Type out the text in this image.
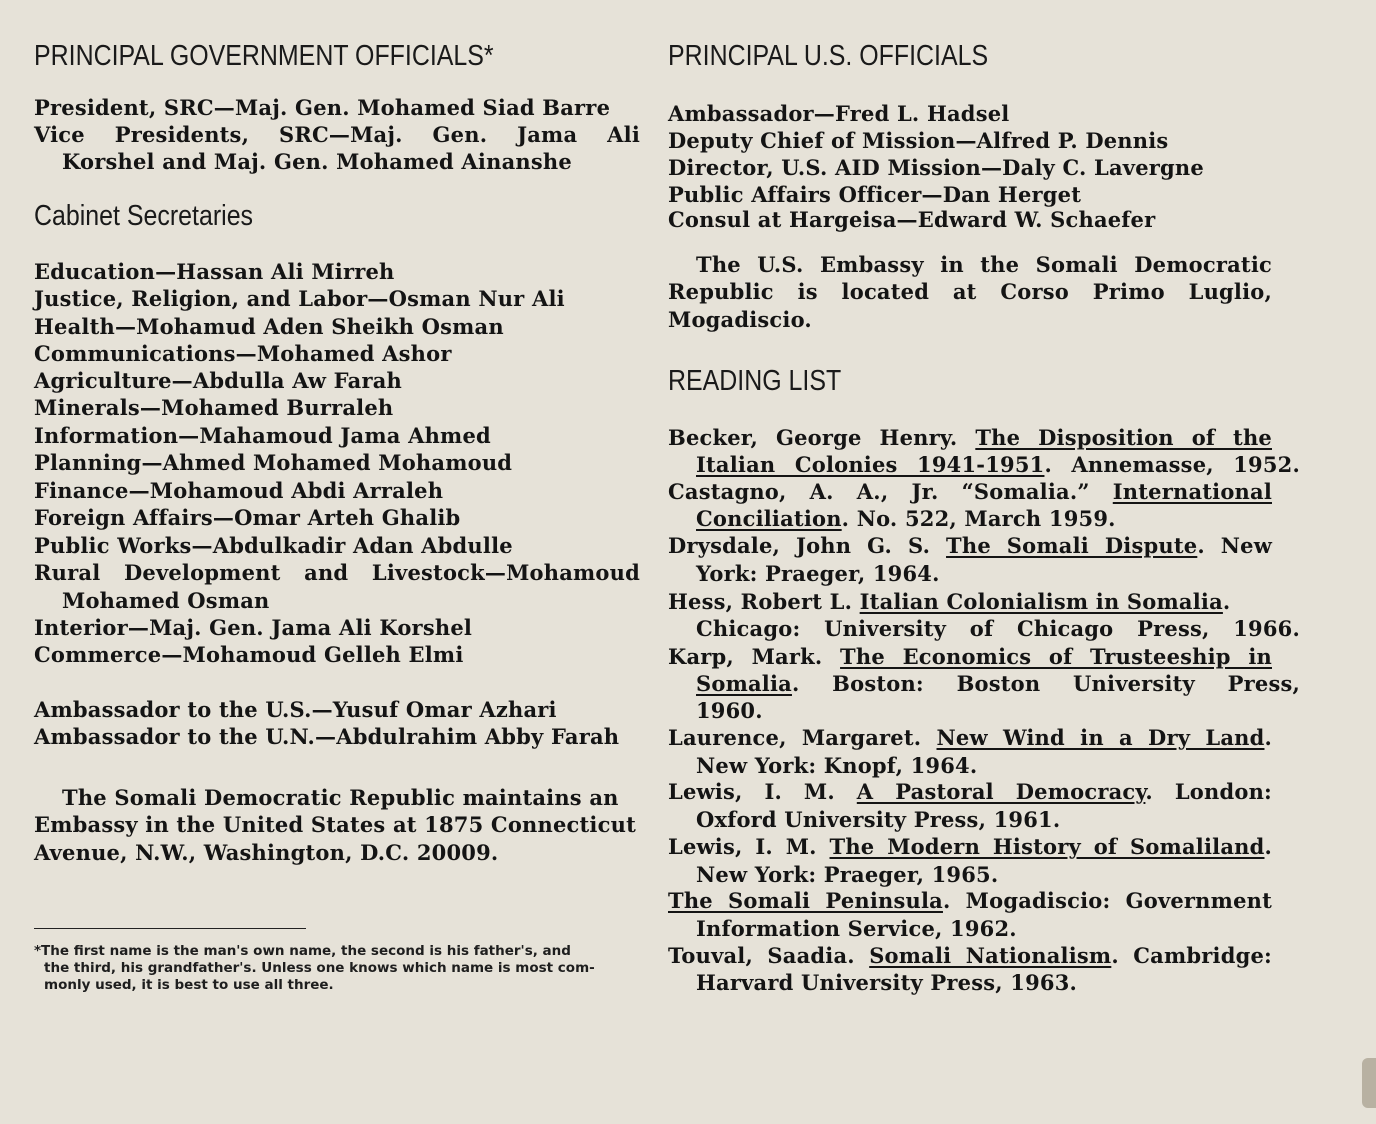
PRINCIPAL GOVERNMENT OFFICIALS*
President, SRC—Maj. Gen. Mohamed Siad Barre
Vice Presidents, SRC—Maj. Gen. Jama Ali
Korshel and Maj. Gen. Mohamed Ainanshe
Cabinet Secretaries
Education—Hassan Ali Mirreh
Justice, Religion, and Labor—Osman Nur Ali
Health—Mohamud Aden Sheikh Osman
Communications—Mohamed Ashor
Agriculture—Abdulla Aw Farah
Minerals—Mohamed Burraleh
Information—Mahamoud Jama Ahmed
Planning—Ahmed Mohamed Mohamoud
Finance—Mohamoud Abdi Arraleh
Foreign Affairs—Omar Arteh Ghalib
Public Works—Abdulkadir Adan Abdulle
Rural Development and Livestock—Mohamoud
Mohamed Osman
Interior—Maj. Gen. Jama Ali Korshel
Commerce—Mohamoud Gelleh Elmi
Ambassador to the U.S.—Yusuf Omar Azhari
Ambassador to the U.N.—Abdulrahim Abby Farah
The Somali Democratic Republic maintains an
Embassy in the United States at 1875 Connecticut
Avenue, N.W., Washington, D.C. 20009.
*The first name is the man's own name, the second is his father's, and
the third, his grandfather's. Unless one knows which name is most com-
monly used, it is best to use all three.
PRINCIPAL U.S. OFFICIALS
Ambassador—Fred L. Hadsel
Deputy Chief of Mission—Alfred P. Dennis
Director, U.S. AID Mission—Daly C. Lavergne
Public Affairs Officer—Dan Herget
Consul at Hargeisa—Edward W. Schaefer
The U.S. Embassy in the Somali Democratic
Republic is located at Corso Primo Luglio,
Mogadiscio.
READING LIST
Becker, George Henry. The Disposition of the
Italian Colonies 1941-1951. Annemasse, 1952.
Castagno, A. A., Jr. “Somalia.” International
Conciliation. No. 522, March 1959.
Drysdale, John G. S. The Somali Dispute. New
York: Praeger, 1964.
Hess, Robert L. Italian Colonialism in Somalia.
Chicago: University of Chicago Press, 1966.
Karp, Mark. The Economics of Trusteeship in
Somalia. Boston: Boston University Press,
1960.
Laurence, Margaret. New Wind in a Dry Land.
New York: Knopf, 1964.
Lewis, I. M. A Pastoral Democracy. London:
Oxford University Press, 1961.
Lewis, I. M. The Modern History of Somaliland.
New York: Praeger, 1965.
The Somali Peninsula. Mogadiscio: Government
Information Service, 1962.
Touval, Saadia. Somali Nationalism. Cambridge:
Harvard University Press, 1963.
